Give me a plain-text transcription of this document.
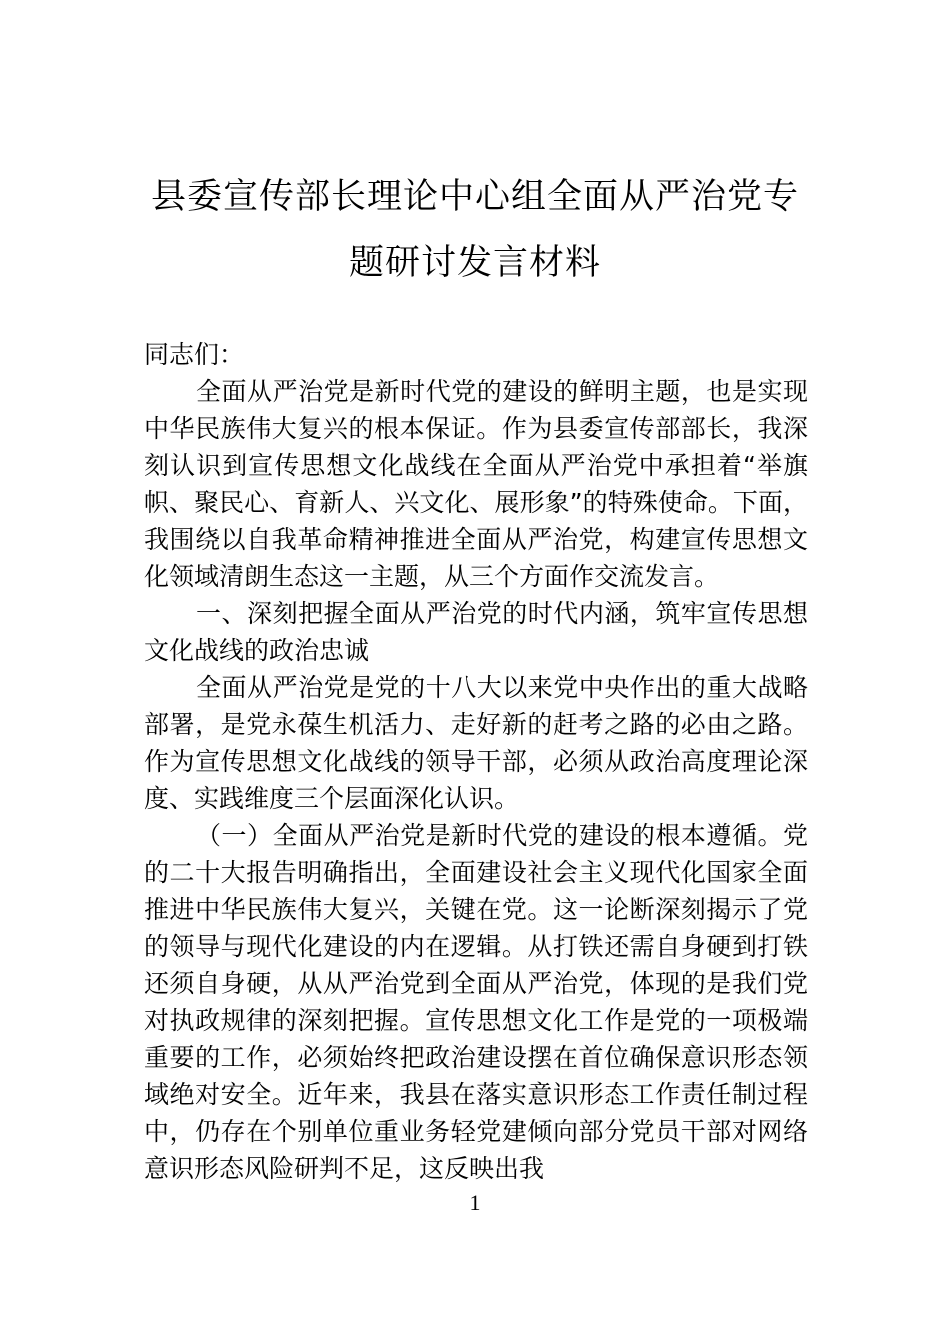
县委宣传部长理论中心组全面从严治党专
题研讨发言材料

同志们：

全面从严治党是新时代党的建设的鲜明主题，也是实现中华民族伟大复兴的根本保证。作为县委宣传部部长，我深刻认识到宣传思想文化战线在全面从严治党中承担着“举旗帜、聚民心、育新人、兴文化、展形象”的特殊使命。下面，我围绕以自我革命精神推进全面从严治党，构建宣传思想文化领域清朗生态这一主题，从三个方面作交流发言。

一、深刻把握全面从严治党的时代内涵，筑牢宣传思想文化战线的政治忠诚

全面从严治党是党的十八大以来党中央作出的重大战略部署，是党永葆生机活力、走好新的赶考之路的必由之路。作为宣传思想文化战线的领导干部，必须从政治高度理论深度、实践维度三个层面深化认识。

（一）全面从严治党是新时代党的建设的根本遵循。党的二十大报告明确指出，全面建设社会主义现代化国家全面推进中华民族伟大复兴，关键在党。这一论断深刻揭示了党的领导与现代化建设的内在逻辑。从打铁还需自身硬到打铁还须自身硬，从从严治党到全面从严治党，体现的是我们党对执政规律的深刻把握。宣传思想文化工作是党的一项极端重要的工作，必须始终把政治建设摆在首位确保意识形态领域绝对安全。近年来，我县在落实意识形态工作责任制过程中，仍存在个别单位重业务轻党建倾向部分党员干部对网络意识形态风险研判不足，这反映出我

1
